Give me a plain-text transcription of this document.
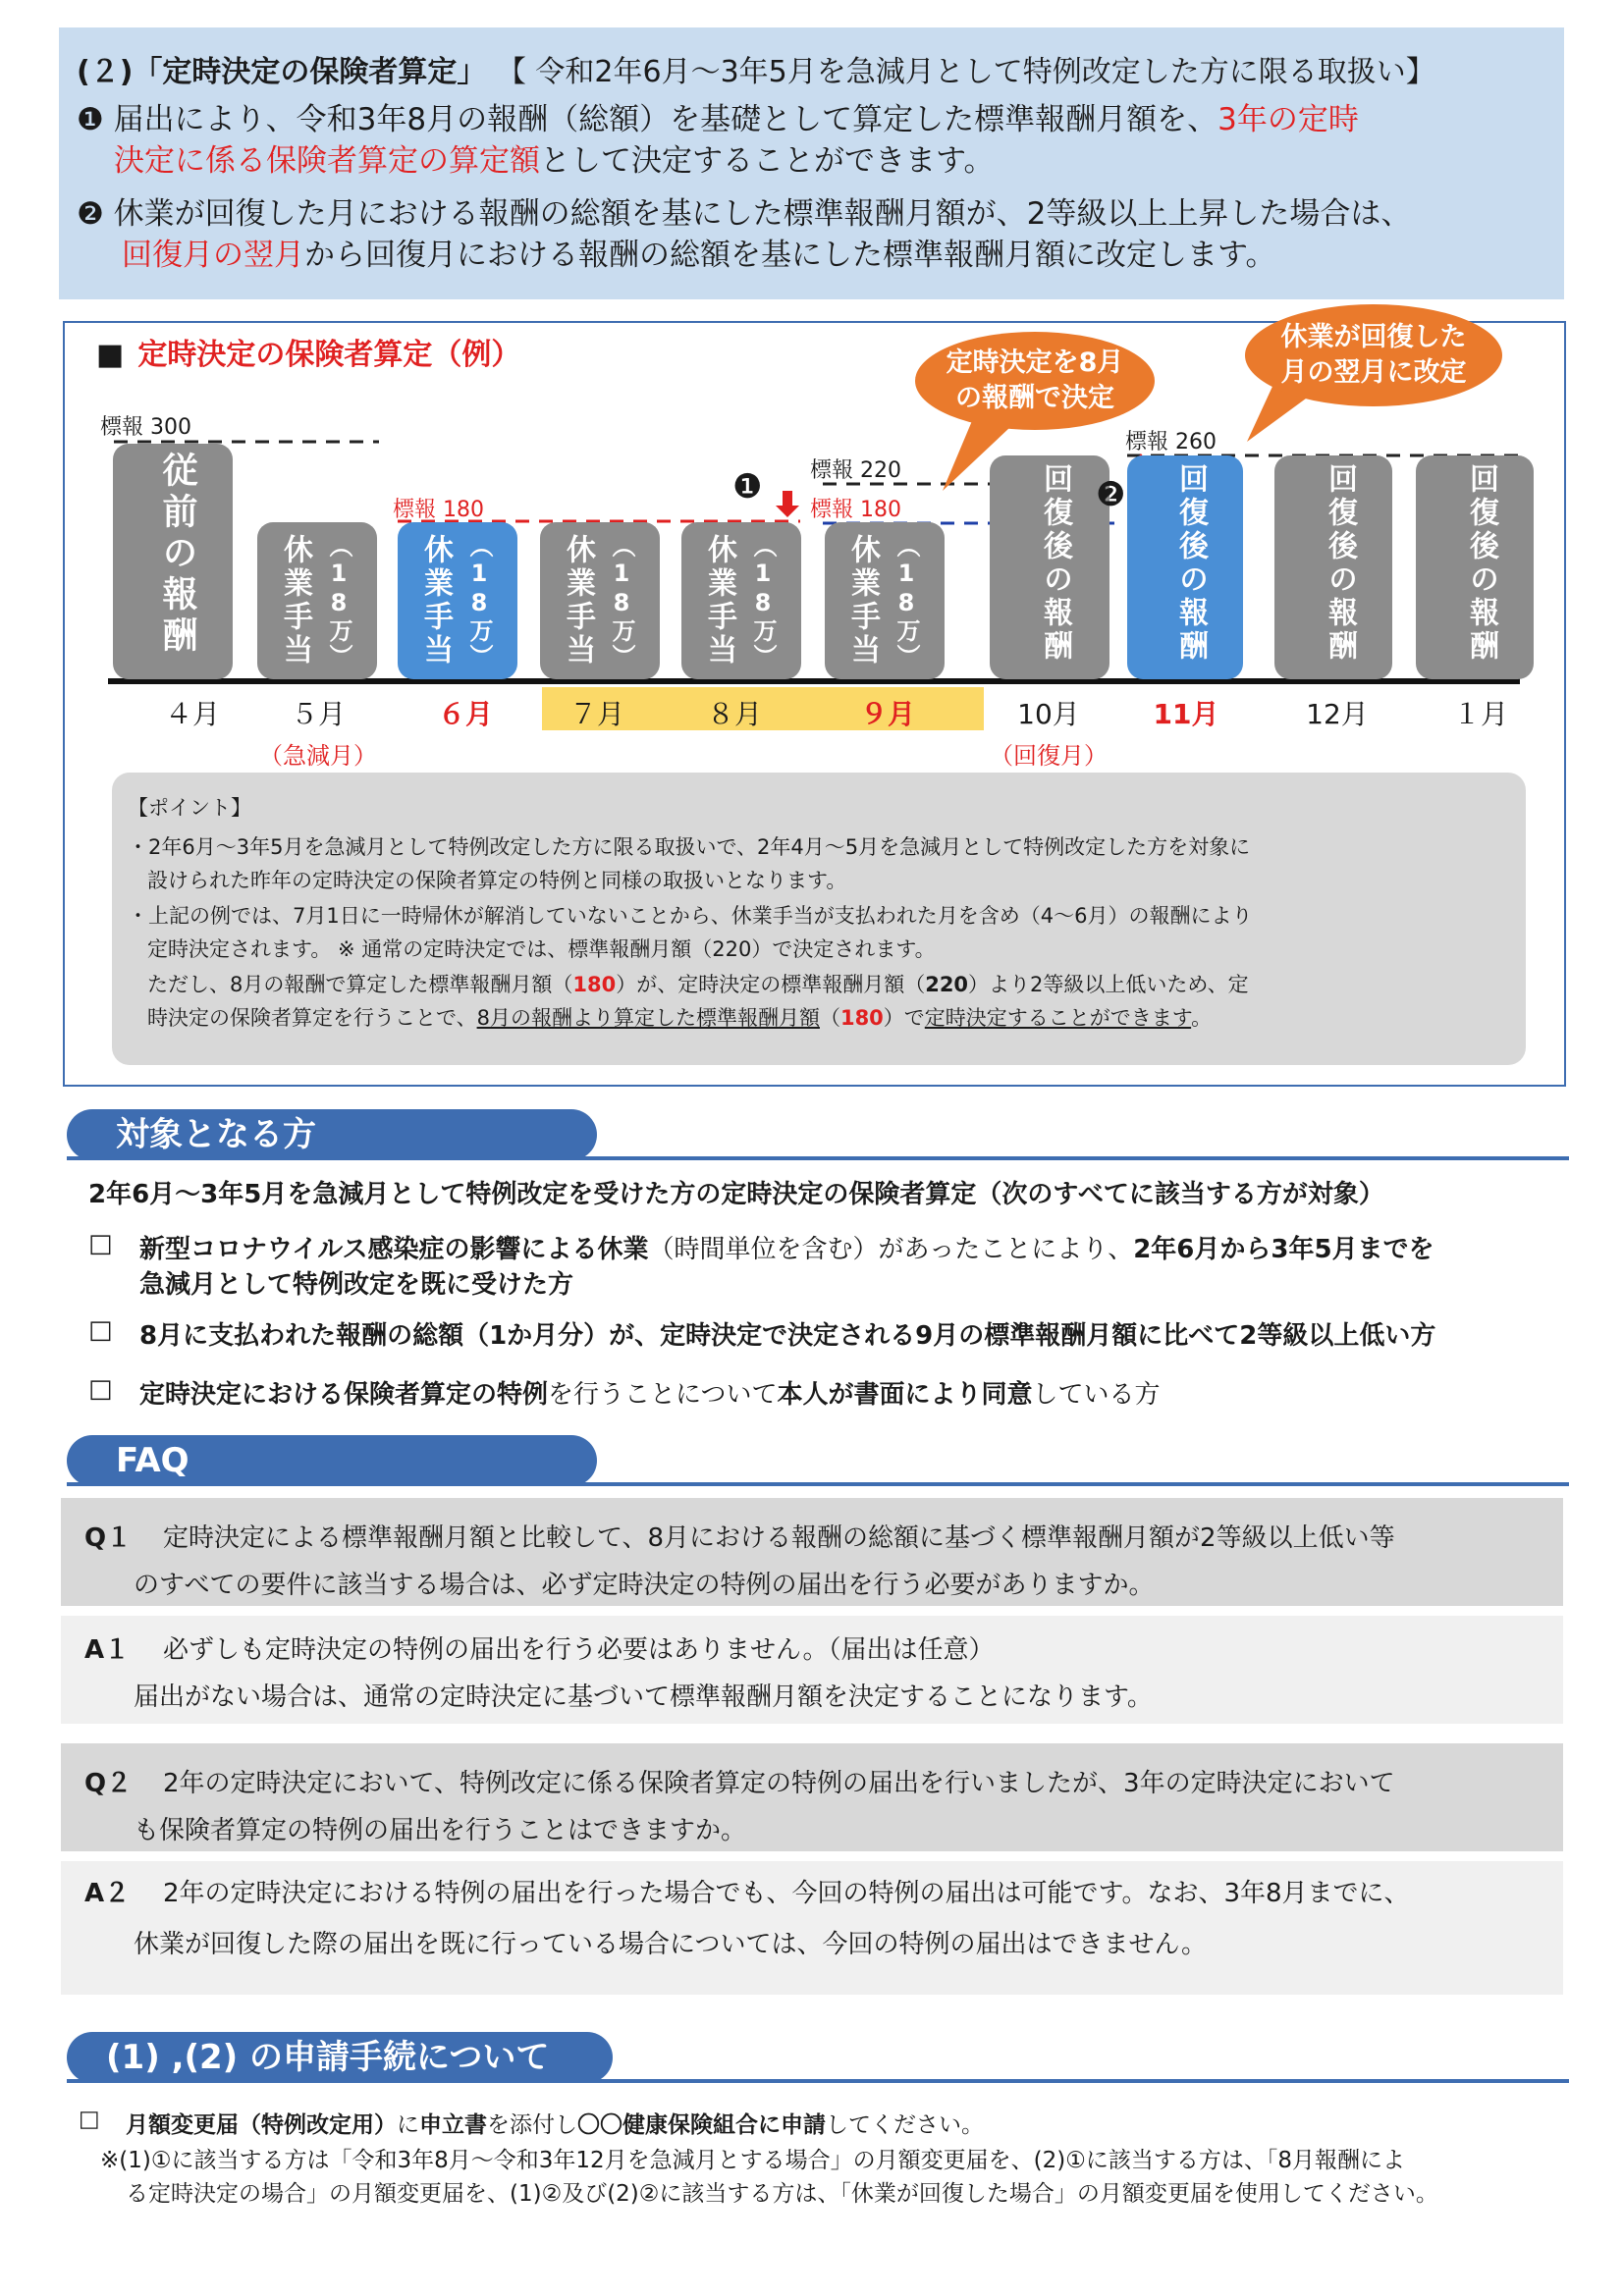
(２)「定時決定の保険者算定」 【 令和2年6月～3年5月を急減月として特例改定した方に限る取扱い】
❶ 届出により、令和3年8月の報酬（総額）を基礎として算定した標準報酬月額を、3年の定時
決定に係る保険者算定の算定額として決定することができます。
❷ 休業が回復した月における報酬の総額を基にした標準報酬月額が、2等級以上上昇した場合は、
回復月の翌月から回復月における報酬の総額を基にした標準報酬月額に改定します。
■ 定時決定の保険者算定（例）
従前の報酬	休業手当 （18万） 休業手当 （18万） 休業手当 （18万） 休業手当 （18万） 休業手当 （18万）	回復後の報酬	回復後の報酬	回復後の報酬	回復後の報酬
標報 300
標報 180
標報 220
標報 180
標報 260
❶	❷
定時決定を8月
の報酬で決定
休業が回復した
月の翌月に改定
４月	５月	６月	７月	８月	９月	10月	11月	12月	１月
（急減月）	（回復月）
【ポイント】
・2年6月～3年5月を急減月として特例改定した方に限る取扱いで、2年4月～5月を急減月として特例改定した方を対象に
設けられた昨年の定時決定の保険者算定の特例と同様の取扱いとなります。
・上記の例では、7月1日に一時帰休が解消していないことから、休業手当が支払われた月を含め（4～6月）の報酬により
定時決定されます。 ※ 通常の定時決定では、標準報酬月額（220）で決定されます。
ただし、8月の報酬で算定した標準報酬月額（180）が、定時決定の標準報酬月額（220）より2等級以上低いため、定
時決定の保険者算定を行うことで、8月の報酬より算定した標準報酬月額（180）で定時決定することができます。
対象となる方
2年6月～3年5月を急減月として特例改定を受けた方の定時決定の保険者算定（次のすべてに該当する方が対象）
□ 新型コロナウイルス感染症の影響による休業（時間単位を含む）があったことにより、2年6月から3年5月までを
急減月として特例改定を既に受けた方
□ 8月に支払われた報酬の総額（1か月分）が、定時決定で決定される9月の標準報酬月額に比べて2等級以上低い方
□ 定時決定における保険者算定の特例を行うことについて本人が書面により同意している方
FAQ
Q１ 定時決定による標準報酬月額と比較して、8月における報酬の総額に基づく標準報酬月額が2等級以上低い等
のすべての要件に該当する場合は、必ず定時決定の特例の届出を行う必要がありますか。
A１ 必ずしも定時決定の特例の届出を行う必要はありません。（届出は任意）
届出がない場合は、通常の定時決定に基づいて標準報酬月額を決定することになります。
Q２ 2年の定時決定において、特例改定に係る保険者算定の特例の届出を行いましたが、3年の定時決定において
も保険者算定の特例の届出を行うことはできますか。
A２ 2年の定時決定における特例の届出を行った場合でも、今回の特例の届出は可能です。なお、3年8月までに、
休業が回復した際の届出を既に行っている場合については、今回の特例の届出はできません。
(1) ,(2) の申請手続について
□ 月額変更届（特例改定用）に申立書を添付し〇〇健康保険組合に申請してください。
※(1)①に該当する方は「令和3年8月～令和3年12月を急減月とする場合」の月額変更届を、(2)①に該当する方は、「8月報酬によ
る定時決定の場合」の月額変更届を、(1)②及び(2)②に該当する方は、「休業が回復した場合」の月額変更届を使用してください。
